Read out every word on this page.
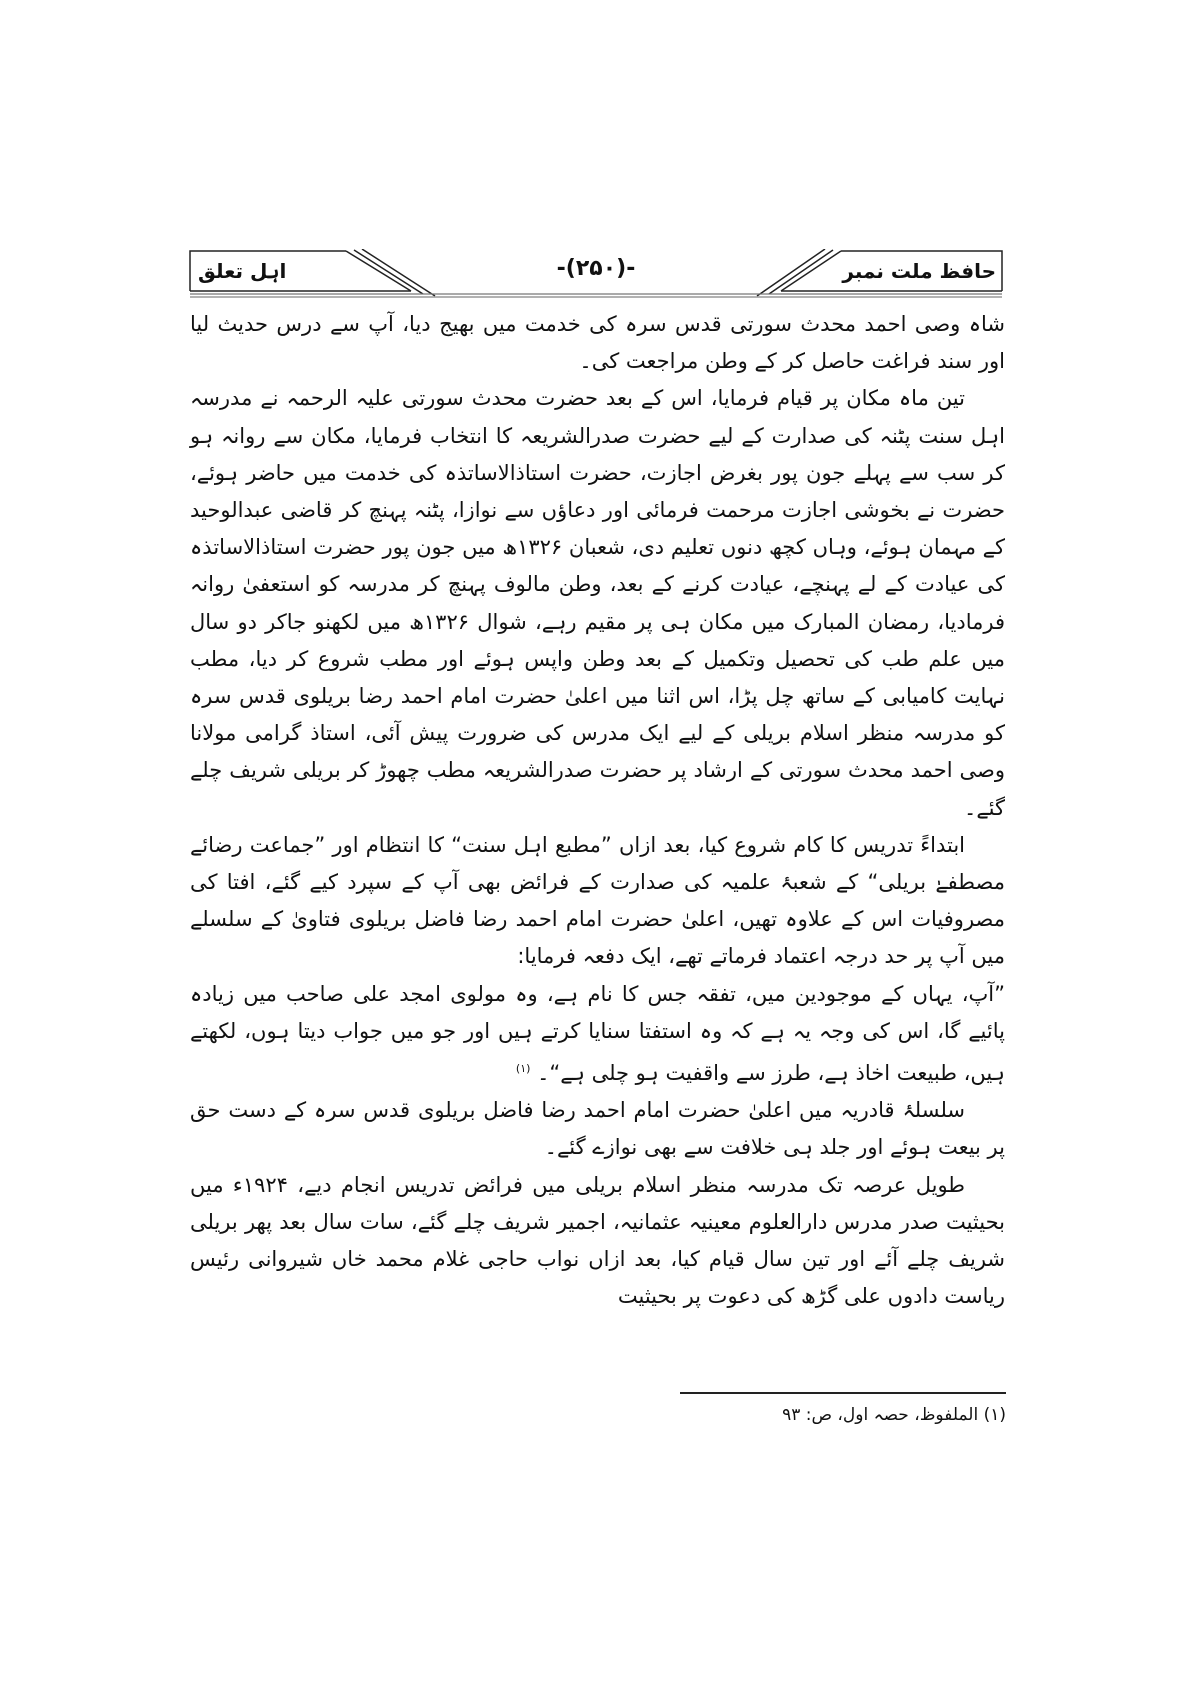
اہل تعلق	-(۲۵۰)-	حافظ ملت نمبر

شاہ وصی احمد محدث سورتی قدس سرہ کی خدمت میں بھیج دیا، آپ سے درس حدیث لیا اور سند فراغت حاصل کر کے وطن مراجعت کی۔

تین ماہ مکان پر قیام فرمایا، اس کے بعد حضرت محدث سورتی علیہ الرحمہ نے مدرسہ اہل سنت پٹنہ کی صدارت کے لیے حضرت صدرالشریعہ کا انتخاب فرمایا، مکان سے روانہ ہو کر سب سے پہلے جون پور بغرض اجازت، حضرت استاذالاساتذہ کی خدمت میں حاضر ہوئے، حضرت نے بخوشی اجازت مرحمت فرمائی اور دعاؤں سے نوازا، پٹنہ پہنچ کر قاضی عبدالوحید کے مہمان ہوئے، وہاں کچھ دنوں تعلیم دی، شعبان ۱۳۲۶ھ میں جون پور حضرت استاذالاساتذہ کی عیادت کے لے پہنچے، عیادت کرنے کے بعد، وطن مالوف پہنچ کر مدرسہ کو استعفیٰ روانہ فرمادیا، رمضان المبارک میں مکان ہی پر مقیم رہے، شوال ۱۳۲۶ھ میں لکھنو جاکر دو سال میں علم طب کی تحصیل وتکمیل کے بعد وطن واپس ہوئے اور مطب شروع کر دیا، مطب نہایت کامیابی کے ساتھ چل پڑا، اس اثنا میں اعلیٰ حضرت امام احمد رضا بریلوی قدس سرہ کو مدرسہ منظر اسلام بریلی کے لیے ایک مدرس کی ضرورت پیش آئی، استاذ گرامی مولانا وصی احمد محدث سورتی کے ارشاد پر حضرت صدرالشریعہ مطب چھوڑ کر بریلی شریف چلے گئے۔

ابتداءً تدریس کا کام شروع کیا، بعد ازاں ”مطبع اہل سنت“ کا انتظام اور ”جماعت رضائے مصطفےٰ بریلی“ کے شعبۂ علمیہ کی صدارت کے فرائض بھی آپ کے سپرد کیے گئے، افتا کی مصروفیات اس کے علاوہ تھیں، اعلیٰ حضرت امام احمد رضا فاضل بریلوی فتاویٰ کے سلسلے میں آپ پر حد درجہ اعتماد فرماتے تھے، ایک دفعہ فرمایا:

”آپ، یہاں کے موجودین میں، تفقہ جس کا نام ہے، وہ مولوی امجد علی صاحب میں زیادہ پائیے گا، اس کی وجہ یہ ہے کہ وہ استفتا سنایا کرتے ہیں اور جو میں جواب دیتا ہوں، لکھتے ہیں، طبیعت اخاذ ہے، طرز سے واقفیت ہو چلی ہے“۔ $^{(۱)}$

سلسلۂ قادریہ میں اعلیٰ حضرت امام احمد رضا فاضل بریلوی قدس سرہ کے دست حق پر بیعت ہوئے اور جلد ہی خلافت سے بھی نوازے گئے۔

طویل عرصہ تک مدرسہ منظر اسلام بریلی میں فرائض تدریس انجام دیے، ۱۹۲۴ء میں بحیثیت صدر مدرس دارالعلوم معینیہ عثمانیہ، اجمیر شریف چلے گئے، سات سال بعد پھر بریلی شریف چلے آئے اور تین سال قیام کیا، بعد ازاں نواب حاجی غلام محمد خاں شیروانی رئیس ریاست دادوں علی گڑھ کی دعوت پر بحیثیت

(۱) الملفوظ، حصہ اول، ص: ۹۳
